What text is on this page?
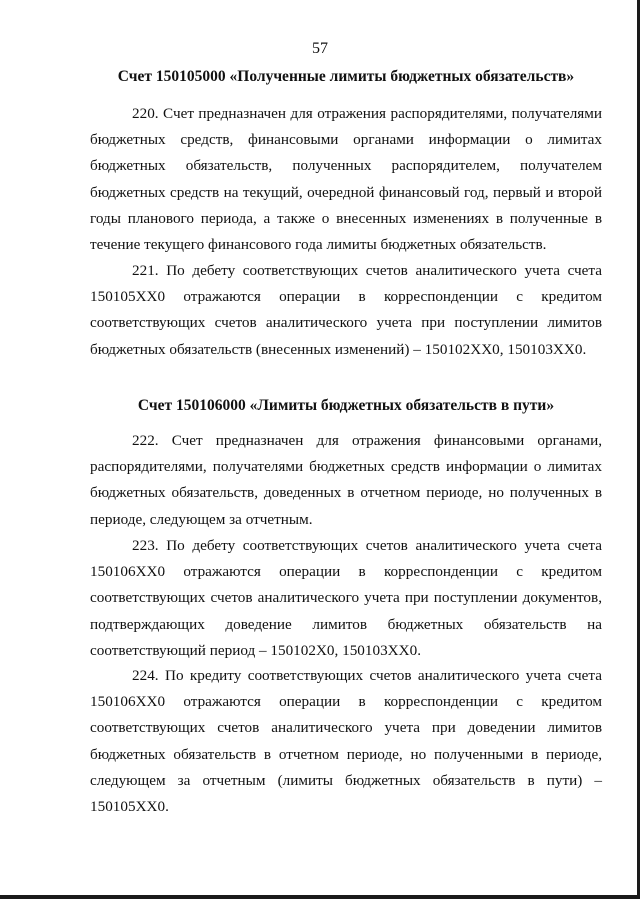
57
Счет 150105000 «Полученные лимиты бюджетных обязательств»

220. Счет предназначен для отражения распорядителями, получателями бюджетных средств, финансовыми органами информации о лимитах бюджетных обязательств, полученных распорядителем, получателем бюджетных средств на текущий, очередной финансовый год, первый и второй годы планового периода, а также о внесенных изменениях в полученные в течение текущего финансового года лимиты бюджетных обязательств.

221. По дебету соответствующих счетов аналитического учета счета 150105ХХ0 отражаются операции в корреспонденции с кредитом соответствующих счетов аналитического учета при поступлении лимитов бюджетных обязательств (внесенных изменений) – 150102ХХ0, 150103ХХ0.

Счет 150106000 «Лимиты бюджетных обязательств в пути»

222. Счет предназначен для отражения финансовыми органами, распорядителями, получателями бюджетных средств информации о лимитах бюджетных обязательств, доведенных в отчетном периоде, но полученных в периоде, следующем за отчетным.

223. По дебету соответствующих счетов аналитического учета счета 150106ХХ0 отражаются операции в корреспонденции с кредитом соответствующих счетов аналитического учета при поступлении документов, подтверждающих доведение лимитов бюджетных обязательств на соответствующий период – 150102Х0, 150103ХХ0.

224. По кредиту соответствующих счетов аналитического учета счета 150106ХХ0 отражаются операции в корреспонденции с кредитом соответствующих счетов аналитического учета при доведении лимитов бюджетных обязательств в отчетном периоде, но полученными в периоде, следующем за отчетным (лимиты бюджетных обязательств в пути) – 150105ХХ0.
